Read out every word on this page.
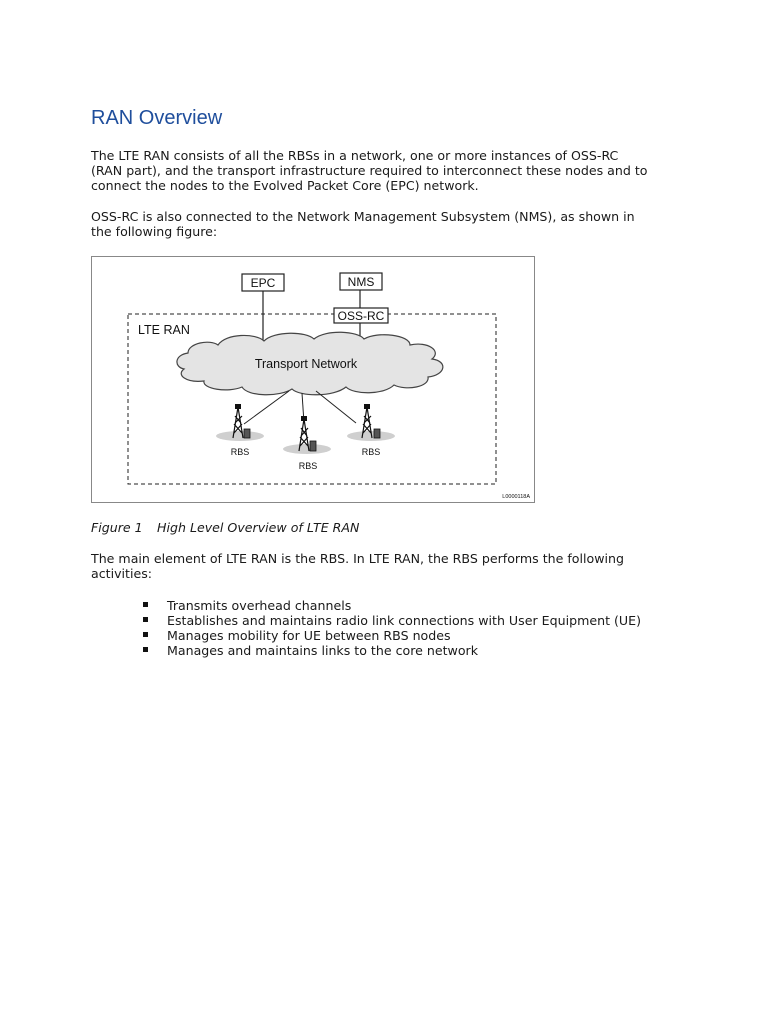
RAN Overview

The LTE RAN consists of all the RBSs in a network, one or more instances of OSS-RC
(RAN part), and the transport infrastructure required to interconnect these nodes and to
connect the nodes to the Evolved Packet Core (EPC) network.

OSS-RC is also connected to the Network Management Subsystem (NMS), as shown in
the following figure:

LTE RAN
EPC	NMS
OSS-RC
Transport Network
RBS
RBS
RBS
L0000118A

Figure 1 High Level Overview of LTE RAN

The main element of LTE RAN is the RBS. In LTE RAN, the RBS performs the following
activities:

Transmits overhead channels
Establishes and maintains radio link connections with User Equipment (UE)
Manages mobility for UE between RBS nodes
Manages and maintains links to the core network
